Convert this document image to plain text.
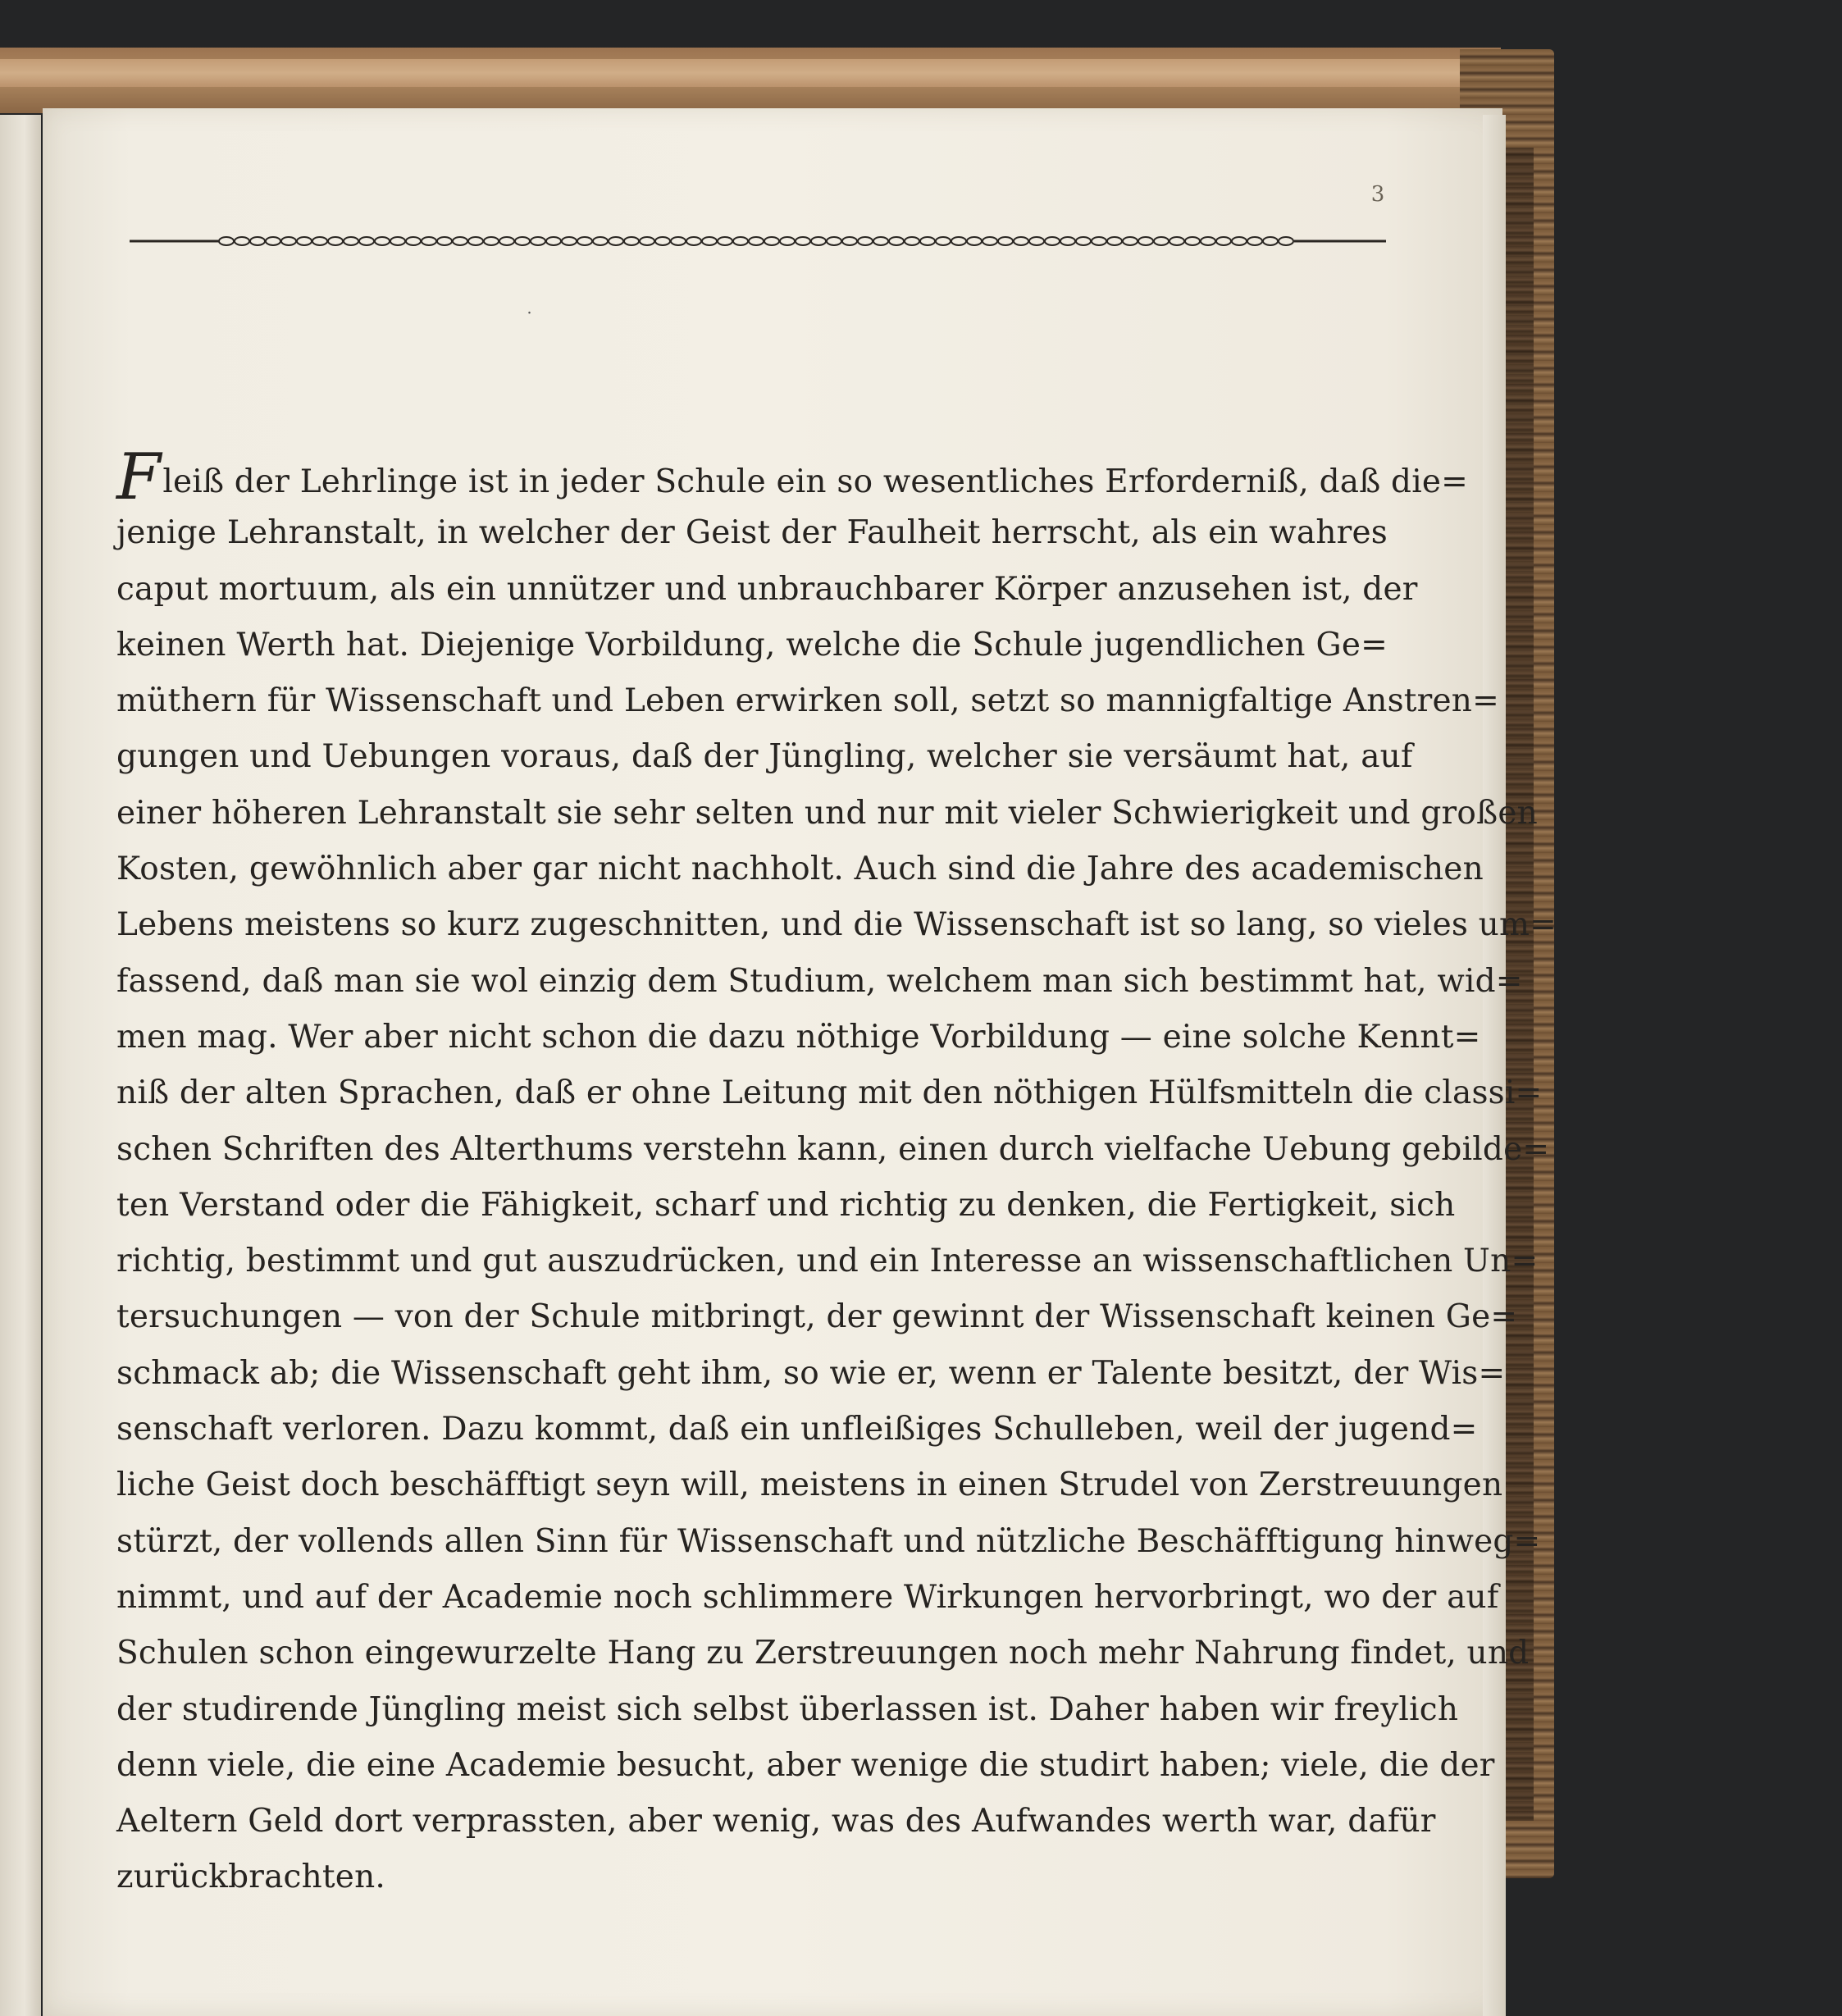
3
˙
Fleiß der Lehrlinge ist in jeder Schule ein so wesentliches Erforderniß, daß die=
jenige Lehranstalt, in welcher der Geist der Faulheit herrscht, als ein wahres
caput mortuum, als ein unnützer und unbrauchbarer Körper anzusehen ist, der
keinen Werth hat. Diejenige Vorbildung, welche die Schule jugendlichen Ge=
müthern für Wissenschaft und Leben erwirken soll, setzt so mannigfaltige Anstren=
gungen und Uebungen voraus, daß der Jüngling, welcher sie versäumt hat, auf
einer höheren Lehranstalt sie sehr selten und nur mit vieler Schwierigkeit und großen
Kosten, gewöhnlich aber gar nicht nachholt. Auch sind die Jahre des academischen
Lebens meistens so kurz zugeschnitten, und die Wissenschaft ist so lang, so vieles um=
fassend, daß man sie wol einzig dem Studium, welchem man sich bestimmt hat, wid=
men mag. Wer aber nicht schon die dazu nöthige Vorbildung — eine solche Kennt=
niß der alten Sprachen, daß er ohne Leitung mit den nöthigen Hülfsmitteln die classi=
schen Schriften des Alterthums verstehn kann, einen durch vielfache Uebung gebilde=
ten Verstand oder die Fähigkeit, scharf und richtig zu denken, die Fertigkeit, sich
richtig, bestimmt und gut auszudrücken, und ein Interesse an wissenschaftlichen Un=
tersuchungen — von der Schule mitbringt, der gewinnt der Wissenschaft keinen Ge=
schmack ab; die Wissenschaft geht ihm, so wie er, wenn er Talente besitzt, der Wis=
senschaft verloren. Dazu kommt, daß ein unfleißiges Schulleben, weil der jugend=
liche Geist doch beschäfftigt seyn will, meistens in einen Strudel von Zerstreuungen
stürzt, der vollends allen Sinn für Wissenschaft und nützliche Beschäfftigung hinweg=
nimmt, und auf der Academie noch schlimmere Wirkungen hervorbringt, wo der auf
Schulen schon eingewurzelte Hang zu Zerstreuungen noch mehr Nahrung findet, und
der studirende Jüngling meist sich selbst überlassen ist. Daher haben wir freylich
denn viele, die eine Academie besucht, aber wenige die studirt haben; viele, die der
Aeltern Geld dort verprassten, aber wenig, was des Aufwandes werth war, dafür
zurückbrachten.
